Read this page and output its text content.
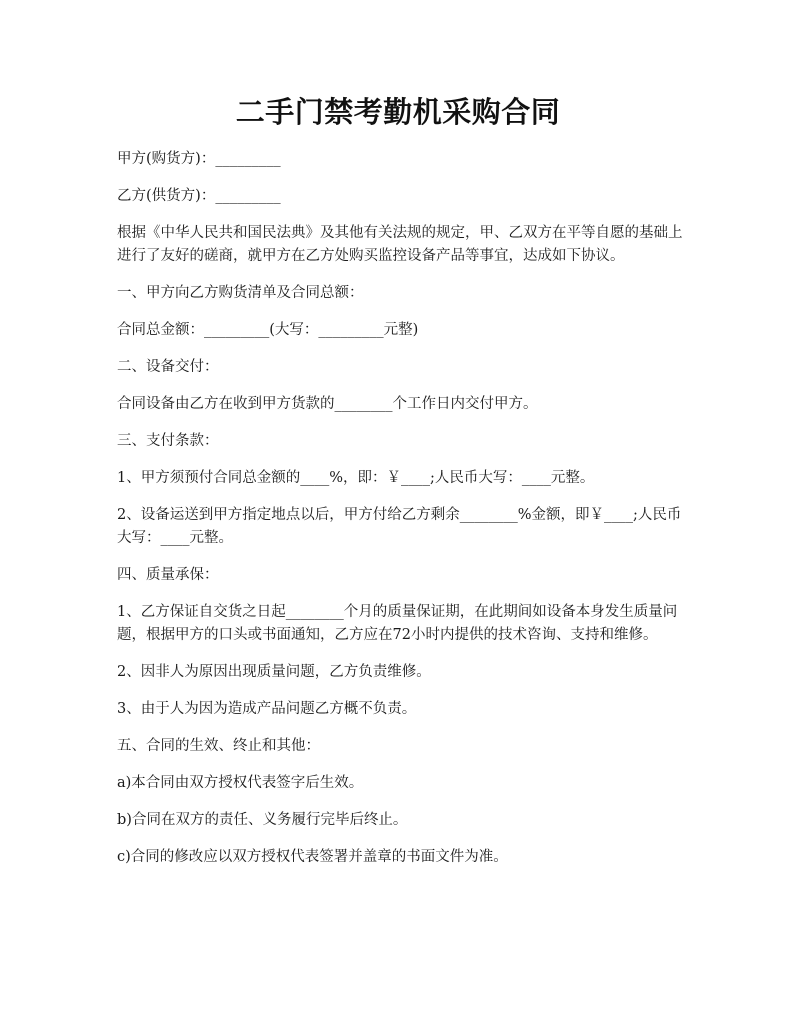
二手门禁考勤机采购合同

甲方(购货方)：_________

乙方(供货方)：_________

根据《中华人民共和国民法典》及其他有关法规的规定，甲、乙双方在平等自愿的基础上进行了友好的磋商，就甲方在乙方处购买监控设备产品等事宜，达成如下协议。

一、甲方向乙方购货清单及合同总额：

合同总金额：_________(大写：_________元整)

二、设备交付：

合同设备由乙方在收到甲方货款的________个工作日内交付甲方。

三、支付条款：

1、甲方须预付合同总金额的____%，即：￥____;人民币大写：____元整。

2、设备运送到甲方指定地点以后，甲方付给乙方剩余________%金额，即￥____;人民币大写：____元整。

四、质量承保：

1、乙方保证自交货之日起________个月的质量保证期，在此期间如设备本身发生质量问题，根据甲方的口头或书面通知，乙方应在72小时内提供的技术咨询、支持和维修。

2、因非人为原因出现质量问题，乙方负责维修。

3、由于人为因为造成产品问题乙方概不负责。

五、合同的生效、终止和其他：

a)本合同由双方授权代表签字后生效。

b)合同在双方的责任、义务履行完毕后终止。

c)合同的修改应以双方授权代表签署并盖章的书面文件为准。
